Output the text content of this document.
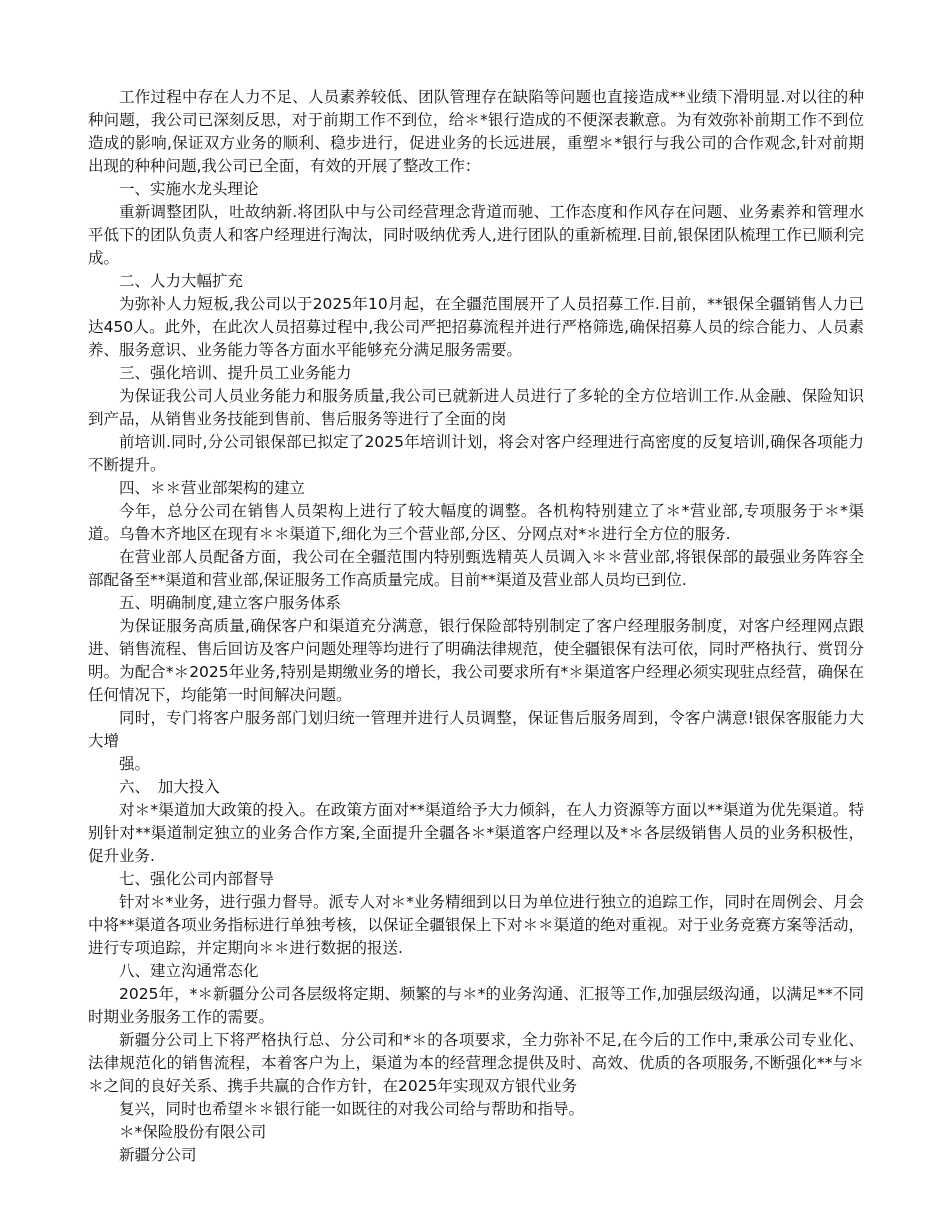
工作过程中存在人力不足、人员素养较低、团队管理存在缺陷等问题也直接造成**业绩下滑明显.对以往的种种问题，我公司已深刻反思，对于前期工作不到位，给＊*银行造成的不便深表歉意。为有效弥补前期工作不到位造成的影响,保证双方业务的顺利、稳步进行，促进业务的长远进展，重塑＊*银行与我公司的合作观念,针对前期出现的种种问题,我公司已全面，有效的开展了整改工作：

一、实施水龙头理论

重新调整团队，吐故纳新.将团队中与公司经营理念背道而驰、工作态度和作风存在问题、业务素养和管理水平低下的团队负责人和客户经理进行淘汰，同时吸纳优秀人,进行团队的重新梳理.目前,银保团队梳理工作已顺利完成。

二、人力大幅扩充

为弥补人力短板,我公司以于2025年10月起，在全疆范围展开了人员招募工作.目前，**银保全疆销售人力已达450人。此外，在此次人员招募过程中,我公司严把招募流程并进行严格筛选,确保招募人员的综合能力、人员素养、服务意识、业务能力等各方面水平能够充分满足服务需要。

三、强化培训、提升员工业务能力

为保证我公司人员业务能力和服务质量,我公司已就新进人员进行了多轮的全方位培训工作.从金融、保险知识到产品，从销售业务技能到售前、售后服务等进行了全面的岗

前培训.同时,分公司银保部已拟定了2025年培训计划，将会对客户经理进行高密度的反复培训,确保各项能力不断提升。

四、＊＊营业部架构的建立

今年，总分公司在销售人员架构上进行了较大幅度的调整。各机构特别建立了＊*营业部,专项服务于＊*渠道。乌鲁木齐地区在现有＊＊渠道下,细化为三个营业部,分区、分网点对*＊进行全方位的服务.

在营业部人员配备方面，我公司在全疆范围内特别甄选精英人员调入＊＊营业部,将银保部的最强业务阵容全部配备至**渠道和营业部,保证服务工作高质量完成。目前**渠道及营业部人员均已到位.

五、明确制度,建立客户服务体系

为保证服务高质量,确保客户和渠道充分满意，银行保险部特别制定了客户经理服务制度，对客户经理网点跟进、销售流程、售后回访及客户问题处理等均进行了明确法律规范，使全疆银保有法可依，同时严格执行、赏罚分明。为配合*＊2025年业务,特别是期缴业务的增长，我公司要求所有*＊渠道客户经理必须实现驻点经营，确保在任何情况下，均能第一时间解决问题。

同时，专门将客户服务部门划归统一管理并进行人员调整，保证售后服务周到，令客户满意!银保客服能力大大增

强。

六、　加大投入

对＊*渠道加大政策的投入。在政策方面对**渠道给予大力倾斜，在人力资源等方面以**渠道为优先渠道。特别针对**渠道制定独立的业务合作方案,全面提升全疆各＊*渠道客户经理以及*＊各层级销售人员的业务积极性，促升业务.

七、强化公司内部督导

针对＊*业务，进行强力督导。派专人对＊*业务精细到以日为单位进行独立的追踪工作，同时在周例会、月会中将**渠道各项业务指标进行单独考核，以保证全疆银保上下对＊＊渠道的绝对重视。对于业务竞赛方案等活动，进行专项追踪，并定期向＊＊进行数据的报送.

八、建立沟通常态化

2025年，*＊新疆分公司各层级将定期、频繁的与＊*的业务沟通、汇报等工作,加强层级沟通，以满足**不同时期业务服务工作的需要。

新疆分公司上下将严格执行总、分公司和*＊的各项要求，全力弥补不足,在今后的工作中,秉承公司专业化、法律规范化的销售流程，本着客户为上，渠道为本的经营理念提供及时、高效、优质的各项服务,不断强化**与＊＊之间的良好关系、携手共赢的合作方针，在2025年实现双方银代业务

复兴，同时也希望＊＊银行能一如既往的对我公司给与帮助和指导。

＊*保险股份有限公司

新疆分公司
